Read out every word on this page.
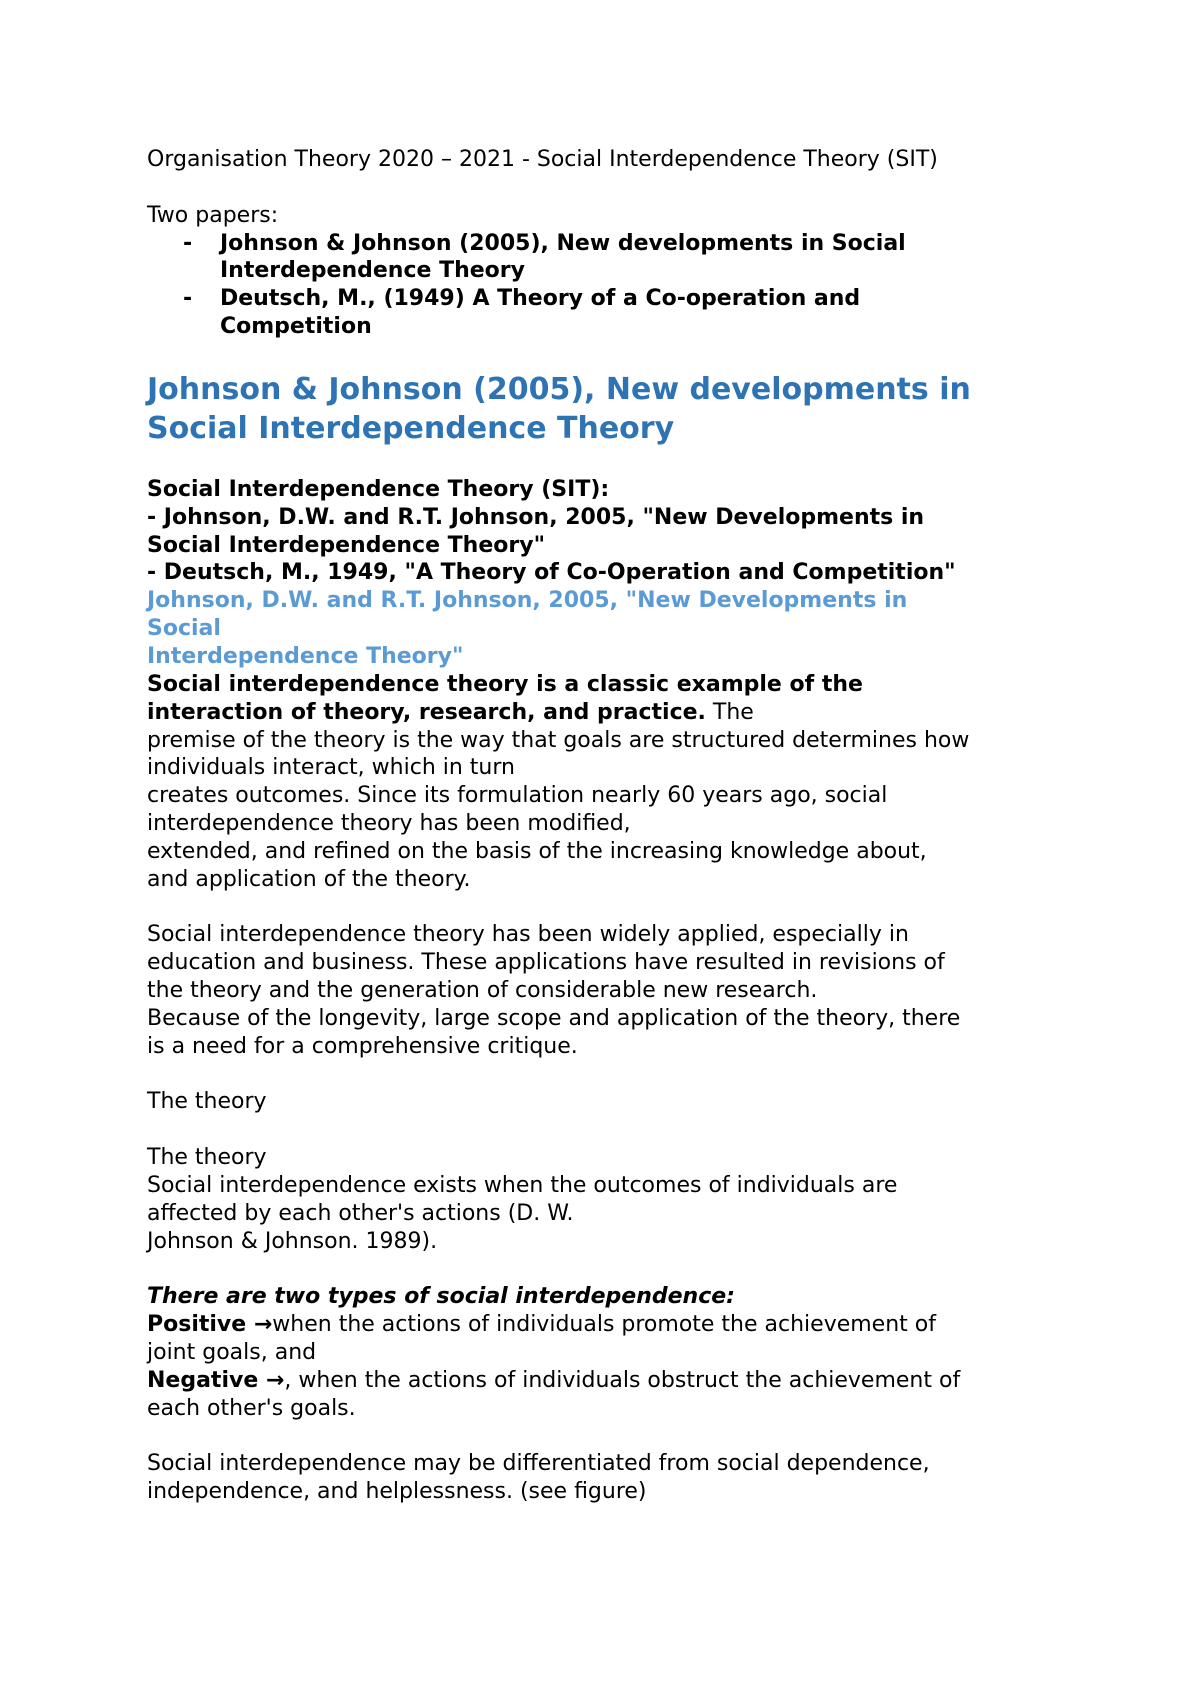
Organisation Theory 2020 – 2021 - Social Interdependence Theory (SIT)
Two papers:
-	Johnson & Johnson (2005), New developments in Social
Interdependence Theory
-	Deutsch, M., (1949) A Theory of a Co-operation and
Competition
Johnson & Johnson (2005), New developments in
Social Interdependence Theory
Social Interdependence Theory (SIT):
- Johnson, D.W. and R.T. Johnson, 2005, "New Developments in
Social Interdependence Theory"
- Deutsch, M., 1949, "A Theory of Co-Operation and Competition"
Johnson, D.W. and R.T. Johnson, 2005, "New Developments in
Social
Interdependence Theory"
Social interdependence theory is a classic example of the
interaction of theory, research, and practice. The
premise of the theory is the way that goals are structured determines how
individuals interact, which in turn
creates outcomes. Since its formulation nearly 60 years ago, social
interdependence theory has been modified,
extended, and refined on the basis of the increasing knowledge about,
and application of the theory.
Social interdependence theory has been widely applied, especially in
education and business. These applications have resulted in revisions of
the theory and the generation of considerable new research.
Because of the longevity, large scope and application of the theory, there
is a need for a comprehensive critique.
The theory
The theory
Social interdependence exists when the outcomes of individuals are
affected by each other's actions (D. W.
Johnson & Johnson. 1989).
There are two types of social interdependence:
Positive →when the actions of individuals promote the achievement of
joint goals, and
Negative →, when the actions of individuals obstruct the achievement of
each other's goals.
Social interdependence may be differentiated from social dependence,
independence, and helplessness. (see figure)
